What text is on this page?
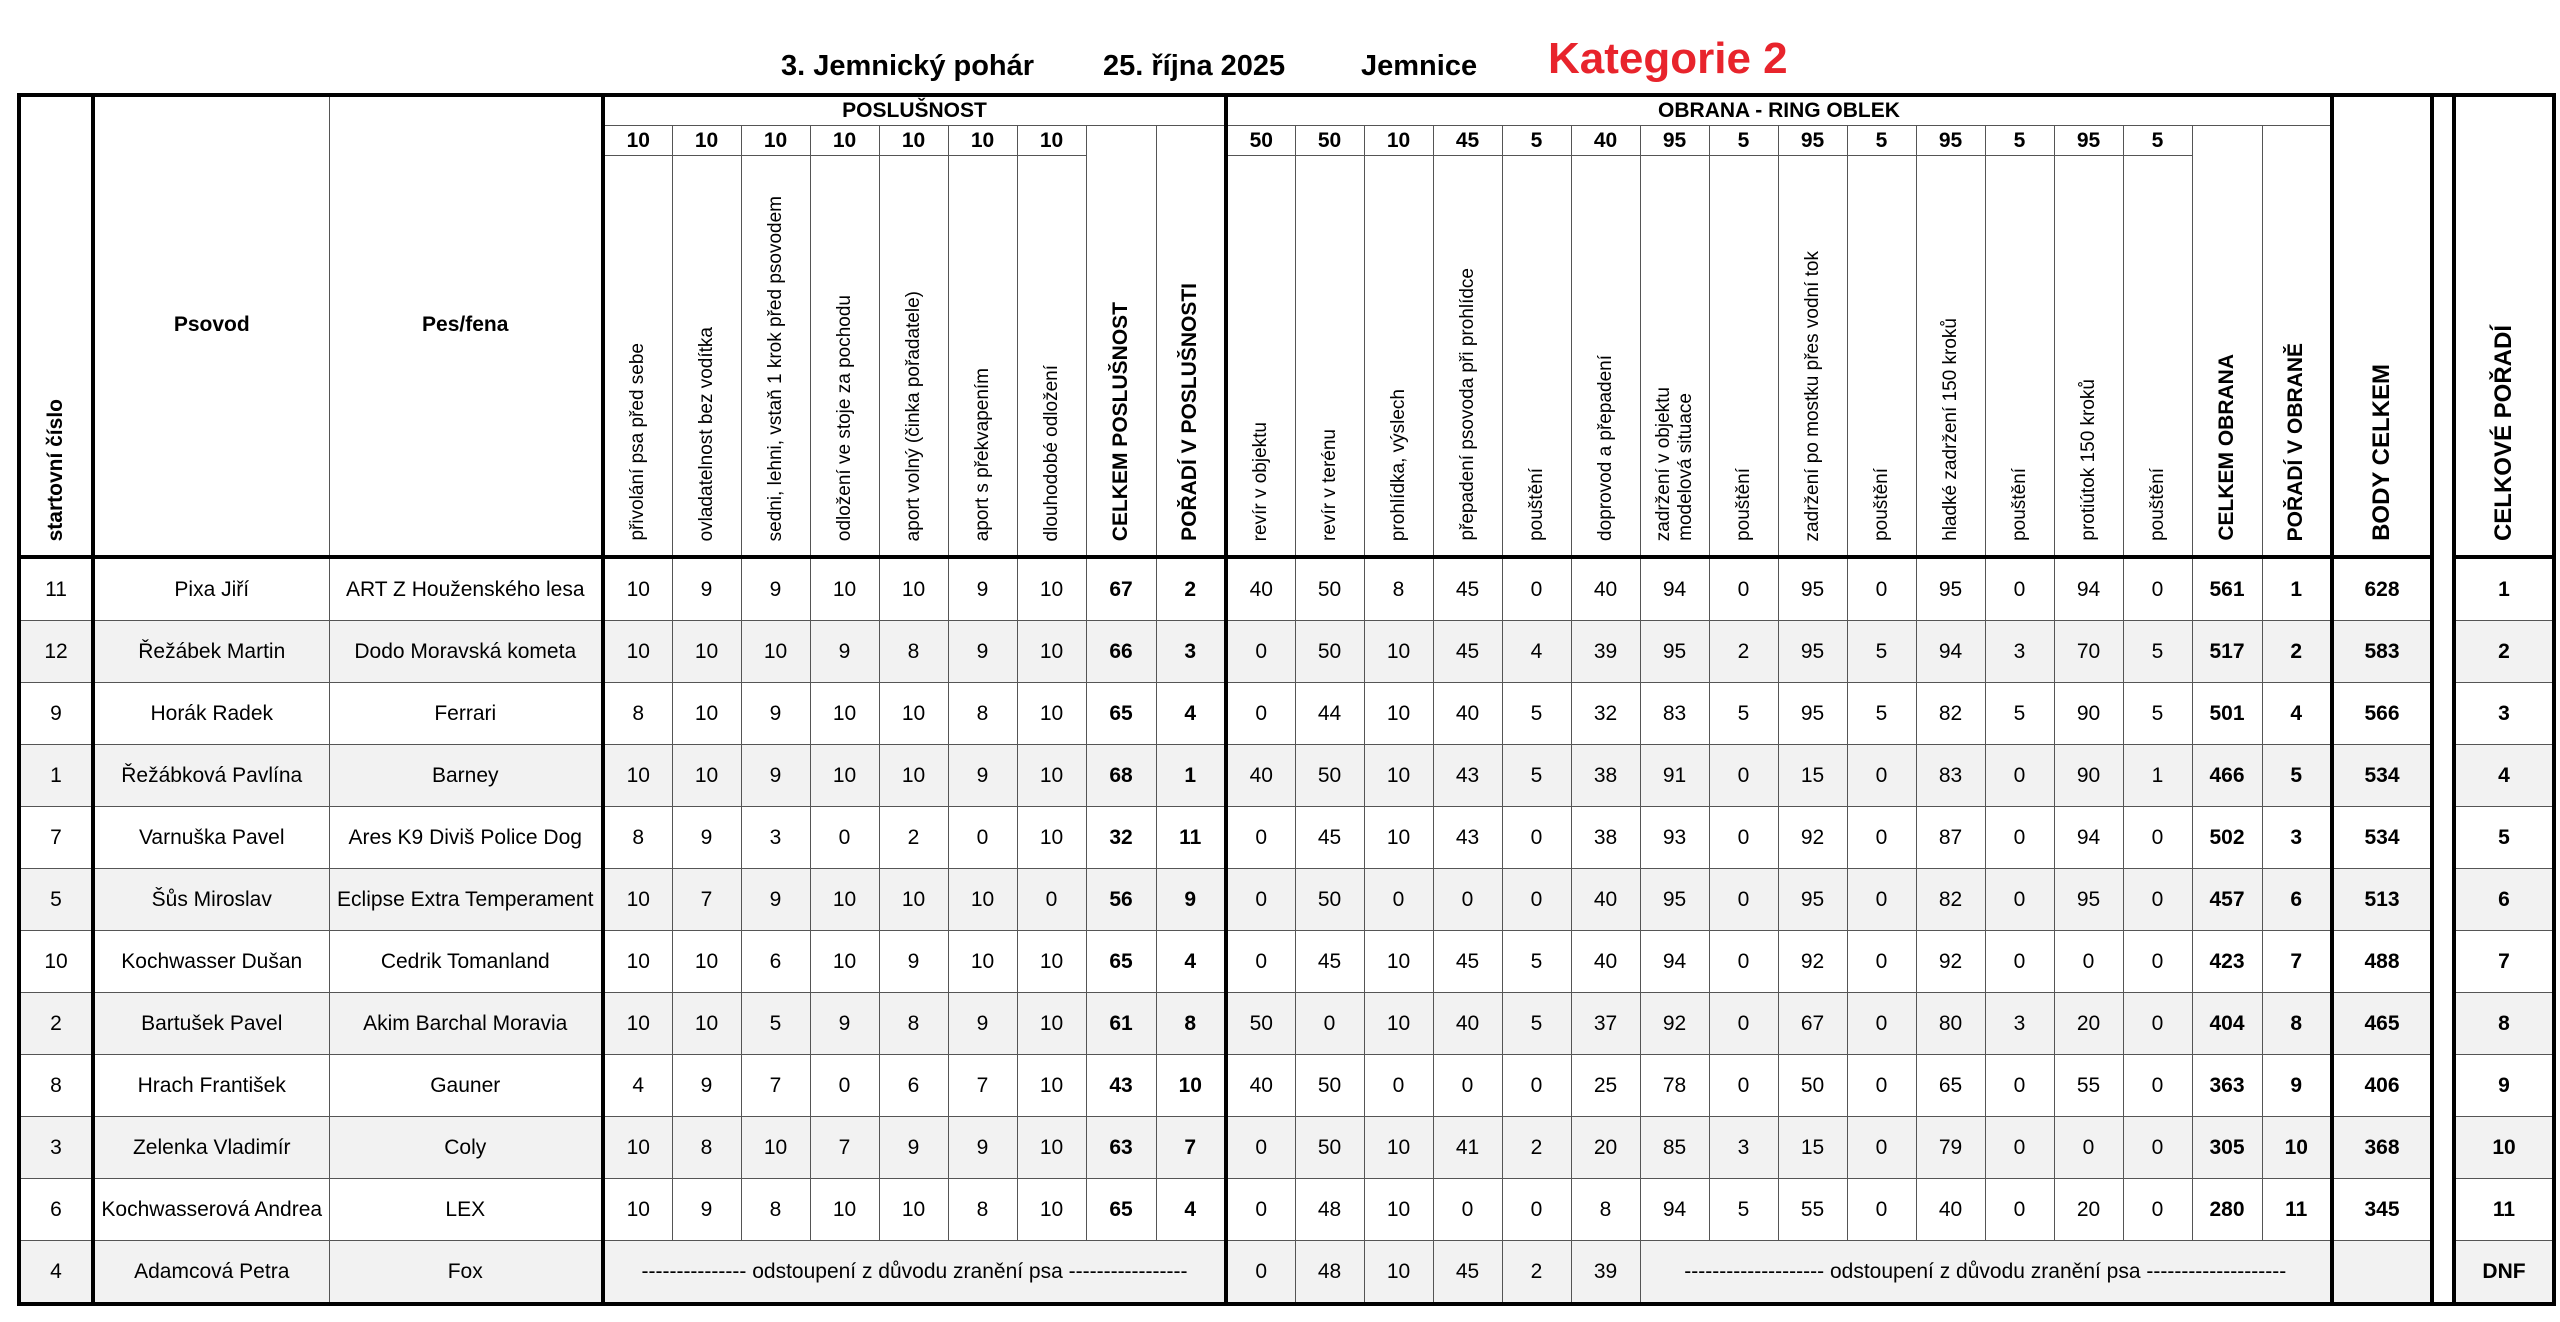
3. Jemnický pohár 25. října 2025	Jemnice Kategorie 2
startovní číslo	Psovod	Pes/fena	POSLUŠNOST									OBRANA - RING OBLEK																BODY CELKEM		CELKOVÉ POŘADÍ
			10	10	10	10	10	10	10	CELKEM POSLUŠNOST	POŘADÍ V POSLUŠNOSTI	50	50	10	45	5	40	95	5	95	5	95	5	95	5	CELKEM OBRANA	POŘADÍ V OBRANĚ			
			přivolání psa před sebe	ovladatelnost bez vodítka	sedni, lehni, vstaň 1 krok před psovodem	odložení ve stoje za pochodu	aport volný (činka pořadatele)	aport s překvapením	dlouhodobé odložení			revír v objektu	revír v terénu	prohlídka, výslech	přepadení psovoda při prohlídce	pouštění	doprovod a přepadení	zadržení v objektumodelová situace	pouštění	zadržení po mostku přes vodní tok	pouštění	hladké zadržení 150 kroků	pouštění	protiútok 150 kroků	pouštění					
11	Pixa Jiří	ART Z Houženského lesa	10	9	9	10	10	9	10	67	2	40	50	8	45	0	40	94	0	95	0	95	0	94	0	561	1	628		1
12	Řežábek Martin	Dodo Moravská kometa	10	10	10	9	8	9	10	66	3	0	50	10	45	4	39	95	2	95	5	94	3	70	5	517	2	583		2
9	Horák Radek	Ferrari	8	10	9	10	10	8	10	65	4	0	44	10	40	5	32	83	5	95	5	82	5	90	5	501	4	566		3
1	Řežábková Pavlína	Barney	10	10	9	10	10	9	10	68	1	40	50	10	43	5	38	91	0	15	0	83	0	90	1	466	5	534		4
7	Varnuška Pavel	Ares K9 Diviš Police Dog	8	9	3	0	2	0	10	32	11	0	45	10	43	0	38	93	0	92	0	87	0	94	0	502	3	534		5
5	Šůs Miroslav	Eclipse Extra Temperament	10	7	9	10	10	10	0	56	9	0	50	0	0	0	40	95	0	95	0	82	0	95	0	457	6	513		6
10	Kochwasser Dušan	Cedrik Tomanland	10	10	6	10	9	10	10	65	4	0	45	10	45	5	40	94	0	92	0	92	0	0	0	423	7	488		7
2	Bartušek Pavel	Akim Barchal Moravia	10	10	5	9	8	9	10	61	8	50	0	10	40	5	37	92	0	67	0	80	3	20	0	404	8	465		8
8	Hrach František	Gauner	4	9	7	0	6	7	10	43	10	40	50	0	0	0	25	78	0	50	0	65	0	55	0	363	9	406		9
3	Zelenka Vladimír	Coly	10	8	10	7	9	9	10	63	7	0	50	10	41	2	20	85	3	15	0	79	0	0	0	305	10	368		10
6	Kochwasserová Andrea	LEX	10	9	8	10	10	8	10	65	4	0	48	10	0	0	8	94	5	55	0	40	0	20	0	280	11	345		11
4	Adamcová Petra	Fox	--------------- odstoupení z důvodu zranění psa -----------------									0	48	10	45	2	39	-------------------- odstoupení z důvodu zranění psa --------------------												DNF
